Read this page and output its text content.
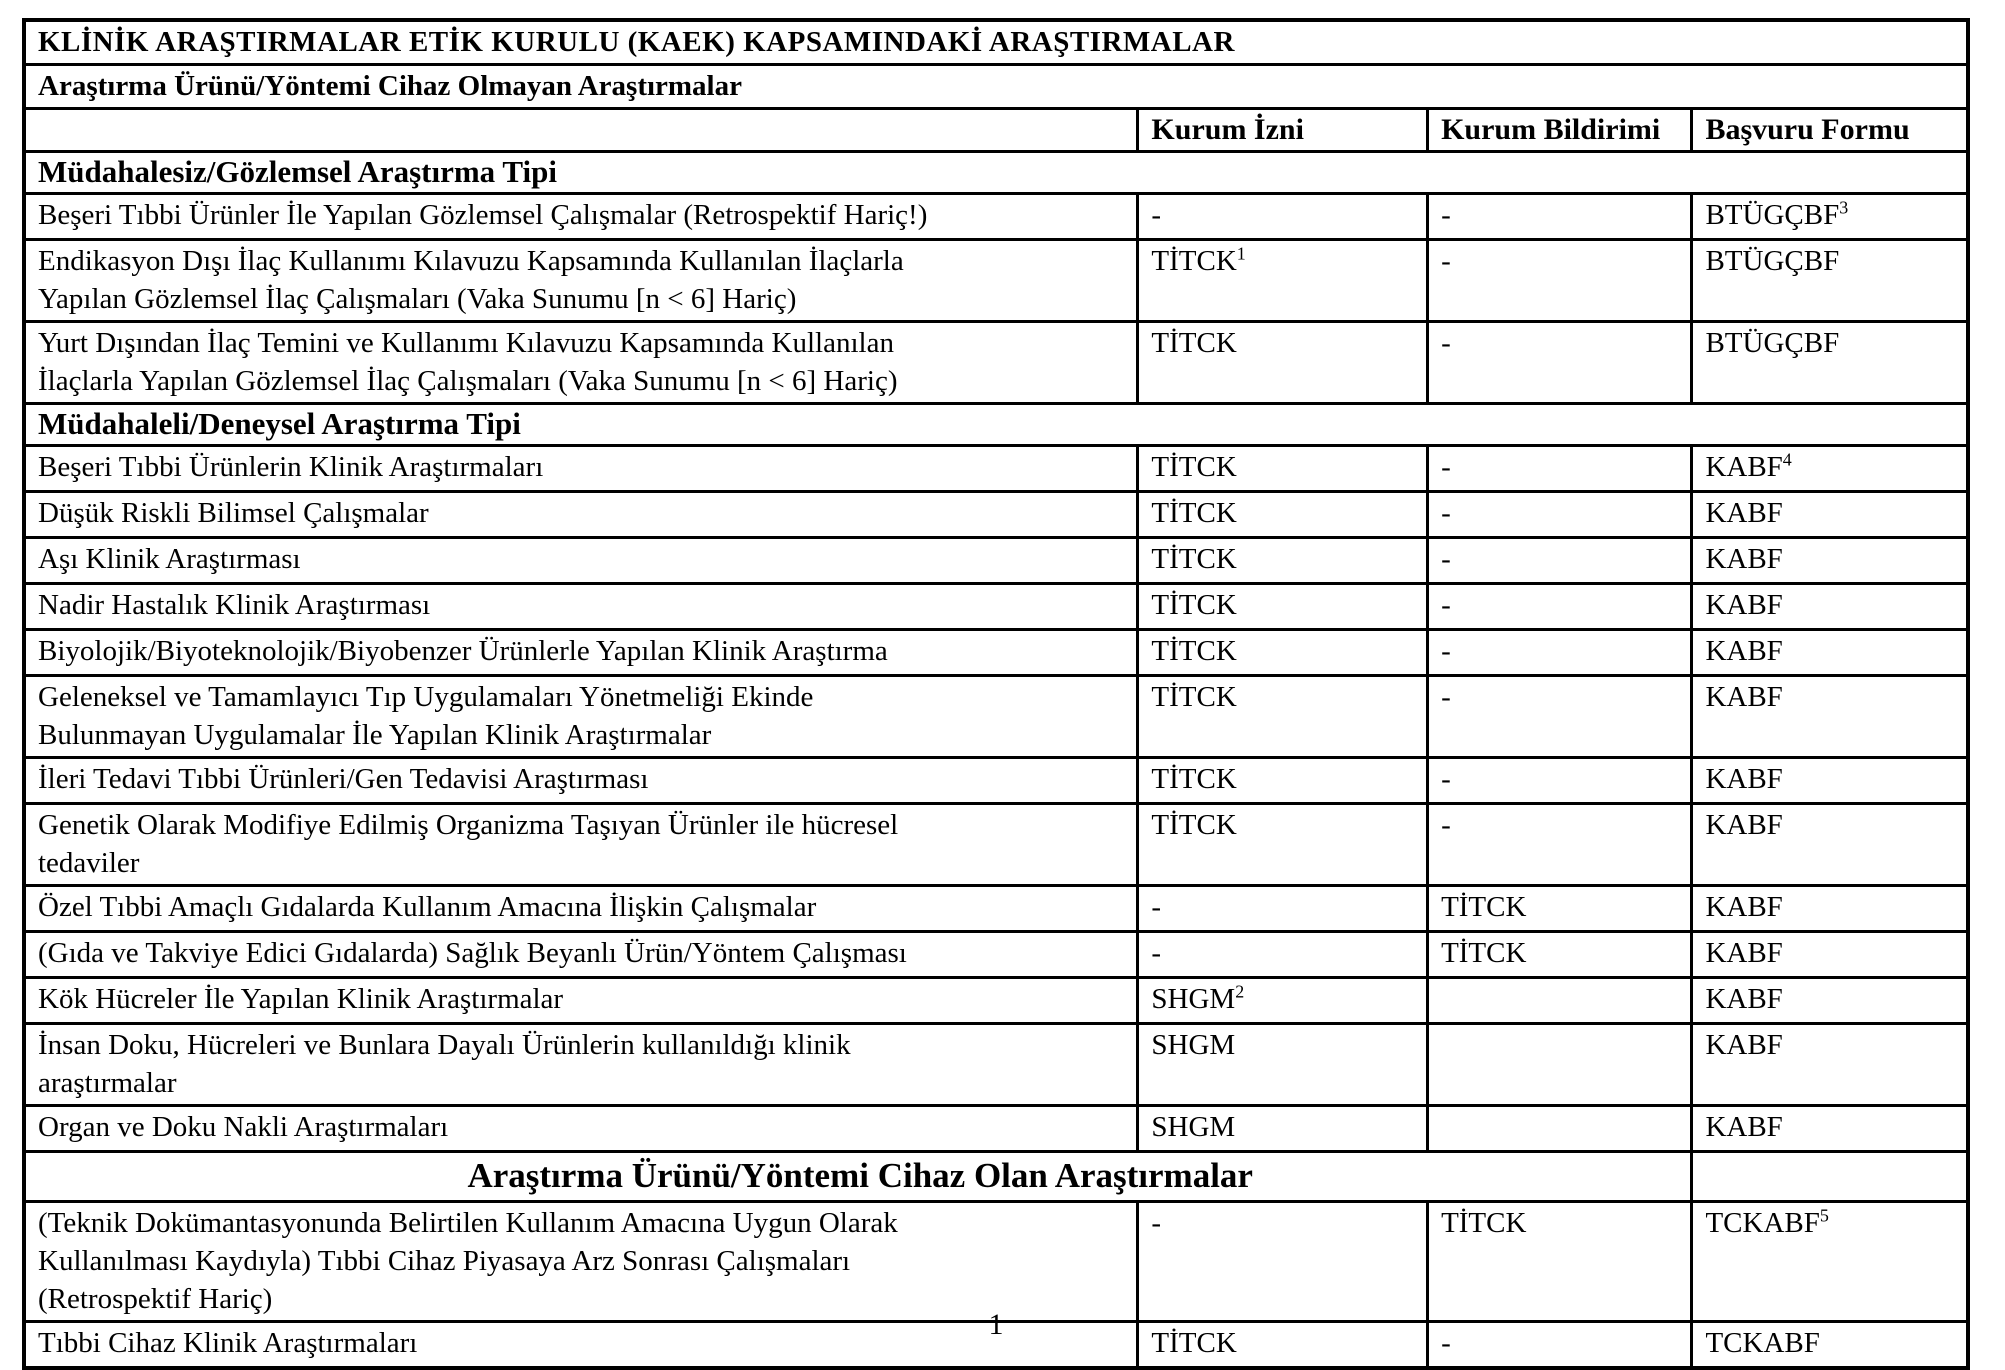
KLİNİK ARAŞTIRMALAR ETİK KURULU (KAEK) KAPSAMINDAKİ ARAŞTIRMALAR			
Araştırma Ürünü/Yöntemi Cihaz Olmayan Araştırmalar			
	Kurum İzni	Kurum Bildirimi	Başvuru Formu
Müdahalesiz/Gözlemsel Araştırma Tipi			
Beşeri Tıbbi Ürünler İle Yapılan Gözlemsel Çalışmalar (Retrospektif Hariç!)	-	-	BTÜGÇBF$^3$
Endikasyon Dışı İlaç Kullanımı Kılavuzu Kapsamında Kullanılan İlaçlarla
Yapılan Gözlemsel İlaç Çalışmaları (Vaka Sunumu [n < 6] Hariç)	TİTCK$^1$	-	BTÜGÇBF
Yurt Dışından İlaç Temini ve Kullanımı Kılavuzu Kapsamında Kullanılan
İlaçlarla Yapılan Gözlemsel İlaç Çalışmaları (Vaka Sunumu [n < 6] Hariç)	TİTCK	-	BTÜGÇBF
Müdahaleli/Deneysel Araştırma Tipi			
Beşeri Tıbbi Ürünlerin Klinik Araştırmaları	TİTCK	-	KABF$^4$
Düşük Riskli Bilimsel Çalışmalar	TİTCK	-	KABF
Aşı Klinik Araştırması	TİTCK	-	KABF
Nadir Hastalık Klinik Araştırması	TİTCK	-	KABF
Biyolojik/Biyoteknolojik/Biyobenzer Ürünlerle Yapılan Klinik Araştırma	TİTCK	-	KABF
Geleneksel ve Tamamlayıcı Tıp Uygulamaları Yönetmeliği Ekinde
Bulunmayan Uygulamalar İle Yapılan Klinik Araştırmalar	TİTCK	-	KABF
İleri Tedavi Tıbbi Ürünleri/Gen Tedavisi Araştırması	TİTCK	-	KABF
Genetik Olarak Modifiye Edilmiş Organizma Taşıyan Ürünler ile hücresel
tedaviler	TİTCK	-	KABF
Özel Tıbbi Amaçlı Gıdalarda Kullanım Amacına İlişkin Çalışmalar	-	TİTCK	KABF
(Gıda ve Takviye Edici Gıdalarda) Sağlık Beyanlı Ürün/Yöntem Çalışması	-	TİTCK	KABF
Kök Hücreler İle Yapılan Klinik Araştırmalar	SHGM$^2$		KABF
İnsan Doku, Hücreleri ve Bunlara Dayalı Ürünlerin kullanıldığı klinik
araştırmalar	SHGM		KABF
Organ ve Doku Nakli Araştırmaları	SHGM		KABF
Araştırma Ürünü/Yöntemi Cihaz Olan Araştırmalar			
(Teknik Dokümantasyonunda Belirtilen Kullanım Amacına Uygun Olarak
Kullanılması Kaydıyla) Tıbbi Cihaz Piyasaya Arz Sonrası Çalışmaları
(Retrospektif Hariç)	-	TİTCK	TCKABF$^5$
Tıbbi Cihaz Klinik Araştırmaları	TİTCK	-	TCKABF
1
